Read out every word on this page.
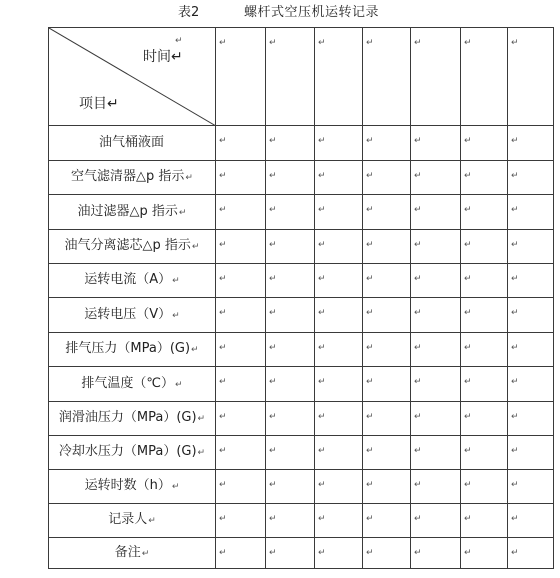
表2	螺杆式空压机运转记录
↵
时间↵
项目↵	↵	↵	↵	↵	↵	↵	↵

油气桶液面	↵	↵	↵	↵	↵	↵	↵

空气滤清器△p 指示↵	↵	↵	↵	↵	↵	↵	↵

油过滤器△p 指示↵	↵	↵	↵	↵	↵	↵	↵

油气分离滤芯△p 指示↵	↵	↵	↵	↵	↵	↵	↵

运转电流（A）↵	↵	↵	↵	↵	↵	↵	↵

运转电压（V）↵	↵	↵	↵	↵	↵	↵	↵

排气压力（MPa）(G)↵	↵	↵	↵	↵	↵	↵	↵

排气温度（℃）↵	↵	↵	↵	↵	↵	↵	↵

润滑油压力（MPa）(G)↵	↵	↵	↵	↵	↵	↵	↵

冷却水压力（MPa）(G)↵	↵	↵	↵	↵	↵	↵	↵

运转时数（h）↵	↵	↵	↵	↵	↵	↵	↵

记录人↵	↵	↵	↵	↵	↵	↵	↵

备注↵	↵	↵	↵	↵	↵	↵	↵
